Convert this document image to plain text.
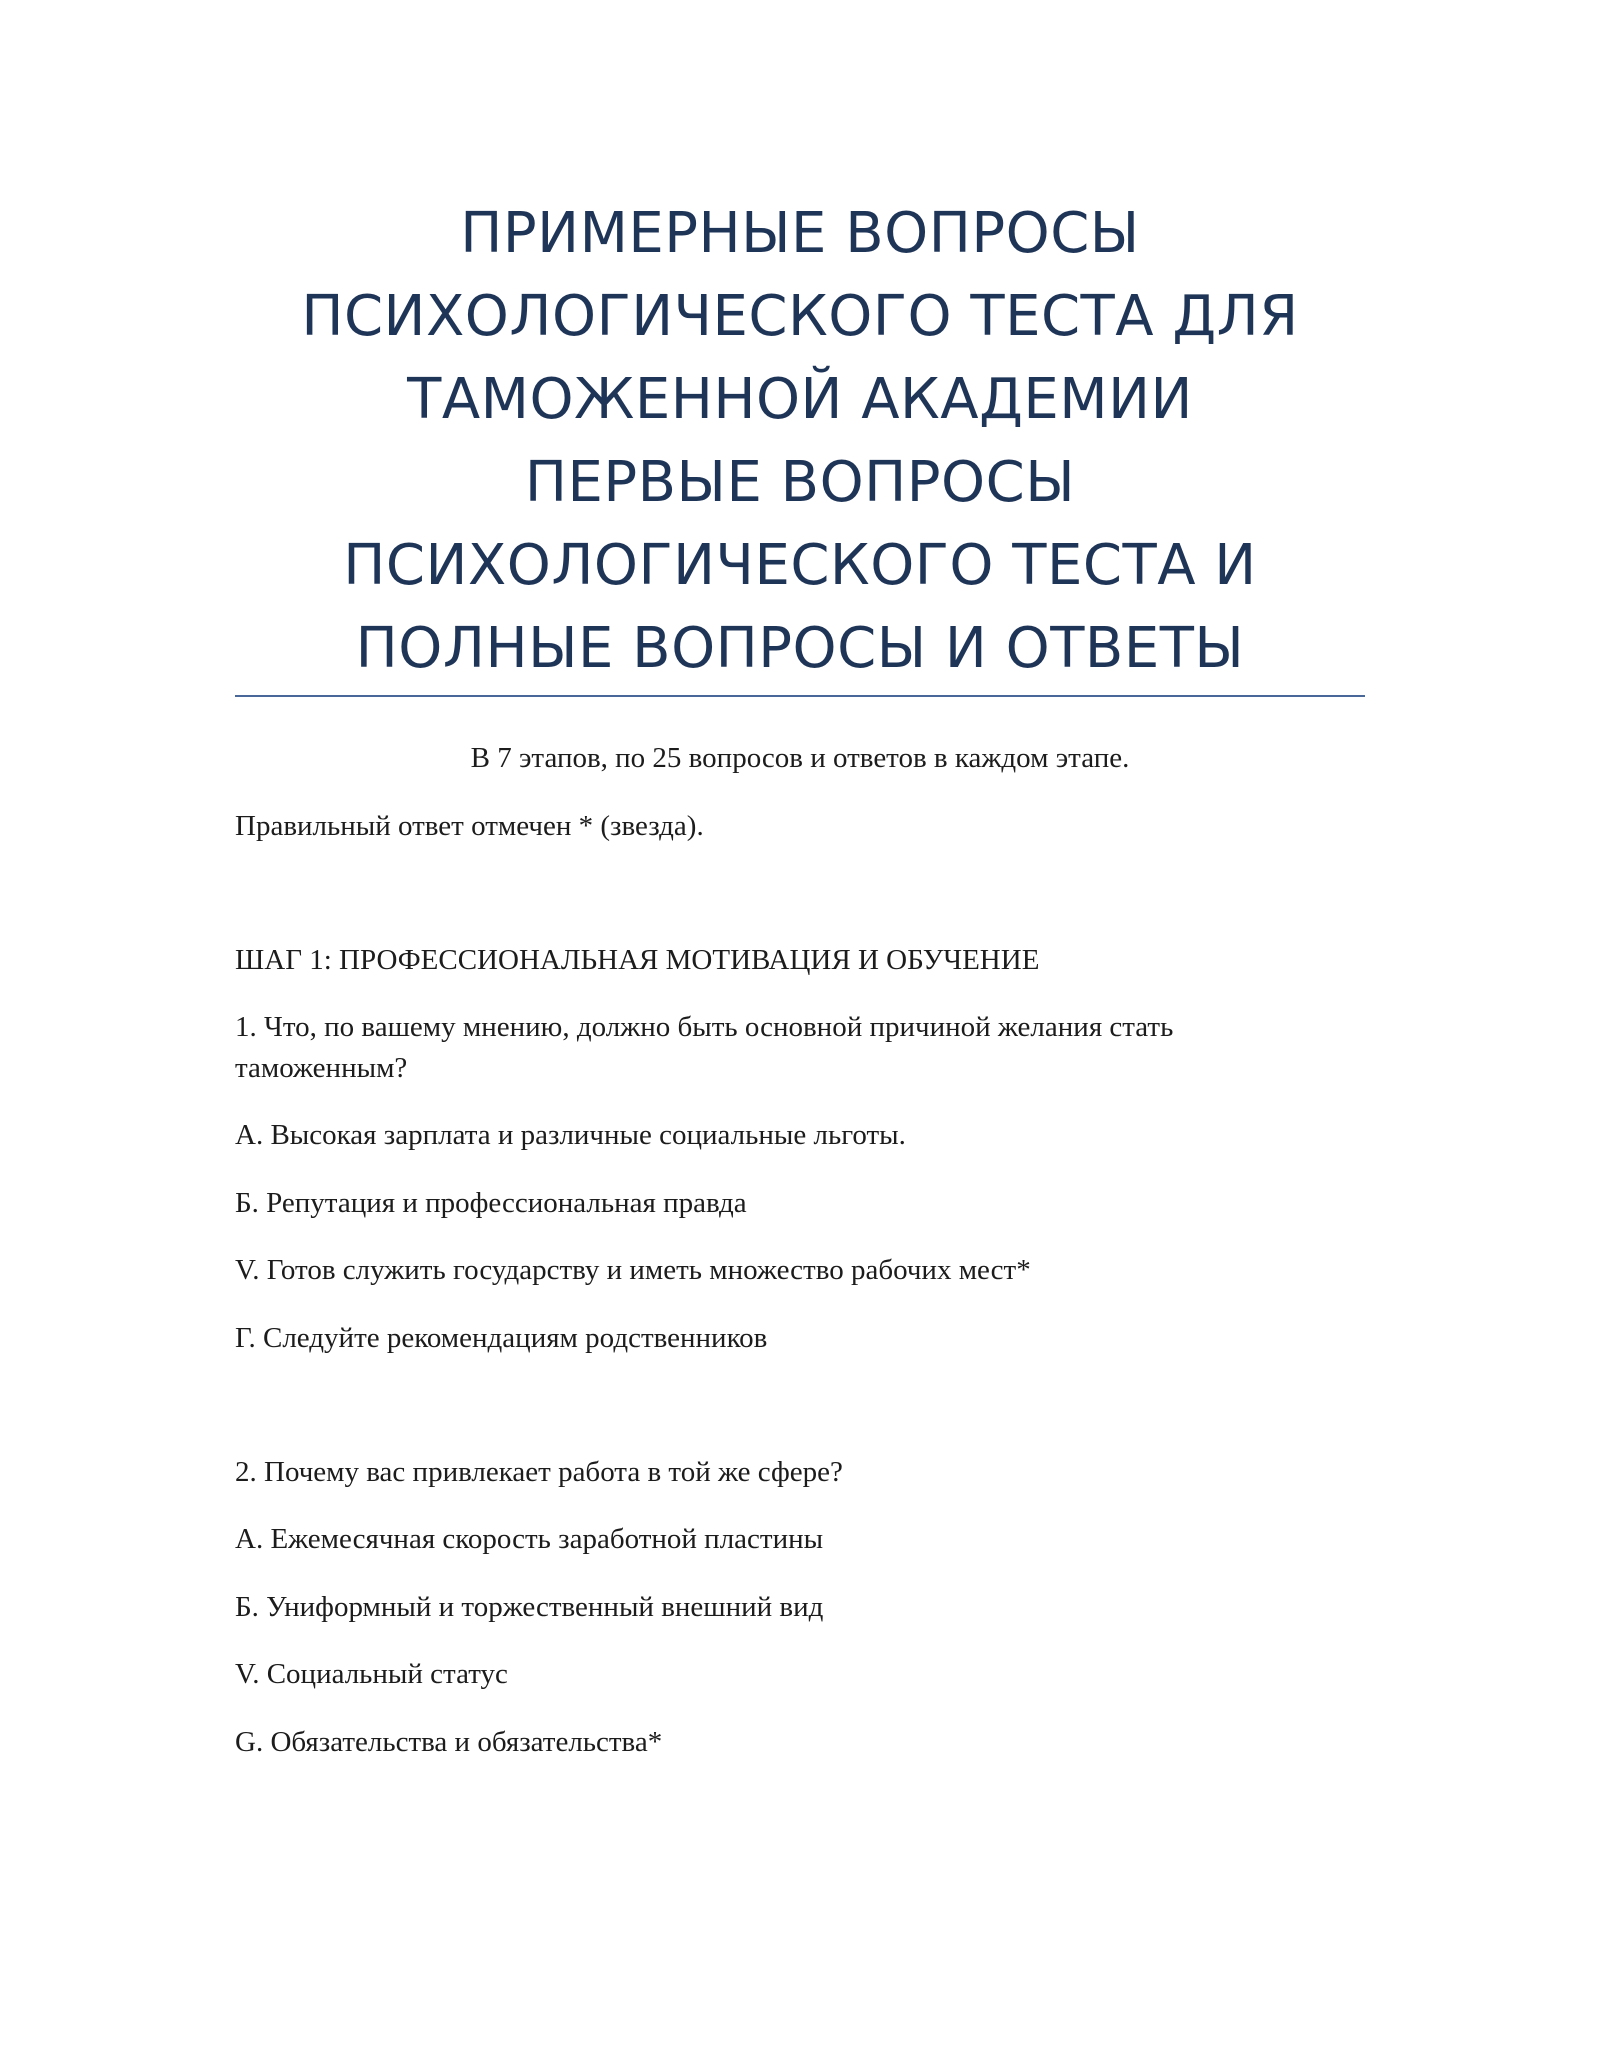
ПРИМЕРНЫЕ ВОПРОСЫ
ПСИХОЛОГИЧЕСКОГО ТЕСТА ДЛЯ
ТАМОЖЕННОЙ АКАДЕМИИ
ПЕРВЫЕ ВОПРОСЫ
ПСИХОЛОГИЧЕСКОГО ТЕСТА И
ПОЛНЫЕ ВОПРОСЫ И ОТВЕТЫ
В 7 этапов, по 25 вопросов и ответов в каждом этапе.
Правильный ответ отмечен * (звезда).
ШАГ 1: ПРОФЕССИОНАЛЬНАЯ МОТИВАЦИЯ И ОБУЧЕНИЕ
1. Что, по вашему мнению, должно быть основной причиной желания стать
таможенным?
А. Высокая зарплата и различные социальные льготы.
Б. Репутация и профессиональная правда
V. Готов служить государству и иметь множество рабочих мест*
Г. Следуйте рекомендациям родственников
2. Почему вас привлекает работа в той же сфере?
А. Ежемесячная скорость заработной пластины
Б. Униформный и торжественный внешний вид
V. Социальный статус
G. Обязательства и обязательства*
